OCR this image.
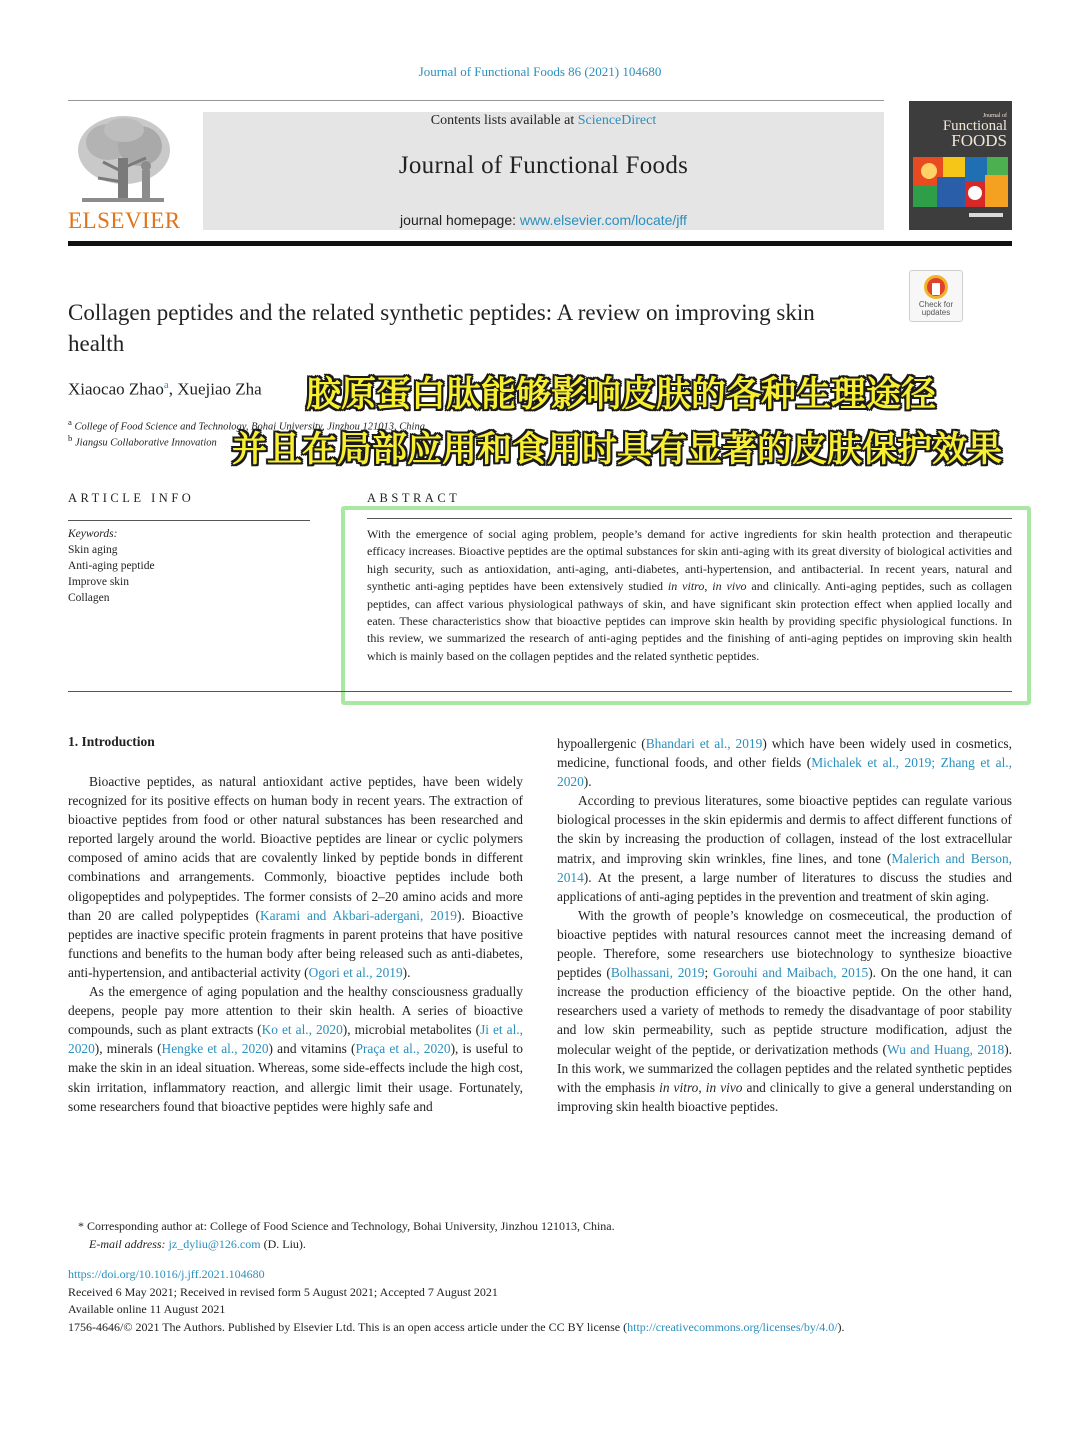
Journal of Functional Foods 86 (2021) 104680
ELSEVIER
Contents lists available at ScienceDirect
Journal of Functional Foods
journal homepage: www.elsevier.com/locate/jff
Journal of
Functional
FOODS
Check for
updates
Collagen peptides and the related synthetic peptides: A review on improving skin health
Xiaocao Zhao$^a$, Xuejiao Zha
$^a$ College of Food Science and Technology, Bohai University, Jinzhou 121013, China
$^b$ Jiangsu Collaborative Innovation
胶原蛋白肽能够影响皮肤的各种生理途径
并且在局部应用和食用时具有显著的皮肤保护效果
ARTICLE INFO
Keywords:
Skin aging
Anti-aging peptide
Improve skin
Collagen
ABSTRACT
With the emergence of social aging problem, people’s demand for active ingredients for skin health protection and therapeutic efficacy increases. Bioactive peptides are the optimal substances for skin anti-aging with its great diversity of biological activities and high security, such as antioxidation, anti-aging, anti-diabetes, anti-hypertension, and antibacterial. In recent years, natural and synthetic anti-aging peptides have been extensively studied in vitro, in vivo and clinically. Anti-aging peptides, such as collagen peptides, can affect various physiological pathways of skin, and have significant skin protection effect when applied locally and eaten. These characteristics show that bioactive peptides can improve skin health by providing specific physiological functions. In this review, we summarized the research of anti-aging peptides and the finishing of anti-aging peptides on improving skin health which is mainly based on the collagen peptides and the related synthetic peptides.
1. Introduction

Bioactive peptides, as natural antioxidant active peptides, have been widely recognized for its positive effects on human body in recent years. The extraction of bioactive peptides from food or other natural substances has been researched and reported largely around the world. Bioactive peptides are linear or cyclic polymers composed of amino acids that are covalently linked by peptide bonds in different combinations and arrangements. Commonly, bioactive peptides include both oligopeptides and polypeptides. The former consists of 2–20 amino acids and more than 20 are called polypeptides (Karami and Akbari-adergani, 2019). Bioactive peptides are inactive specific protein fragments in parent proteins that have positive functions and benefits to the human body after being released such as anti-diabetes, anti-hypertension, and antibacterial activity (Ogori et al., 2019).

As the emergence of aging population and the healthy consciousness gradually deepens, people pay more attention to their skin health. A series of bioactive compounds, such as plant extracts (Ko et al., 2020), microbial metabolites (Ji et al., 2020), minerals (Hengke et al., 2020) and vitamins (Praça et al., 2020), is useful to make the skin in an ideal situation. Whereas, some side-effects include the high cost, skin irritation, inflammatory reaction, and allergic limit their usage. Fortunately, some researchers found that bioactive peptides were highly safe and

hypoallergenic (Bhandari et al., 2019) which have been widely used in cosmetics, medicine, functional foods, and other fields (Michalek et al., 2019; Zhang et al., 2020).

According to previous literatures, some bioactive peptides can regulate various biological processes in the skin epidermis and dermis to affect different functions of the skin by increasing the production of collagen, instead of the lost extracellular matrix, and improving skin wrinkles, fine lines, and tone (Malerich and Berson, 2014). At the present, a large number of literatures to discuss the studies and applications of anti-aging peptides in the prevention and treatment of skin aging.

With the growth of people’s knowledge on cosmeceutical, the production of bioactive peptides with natural resources cannot meet the increasing demand of people. Therefore, some researchers use biotechnology to synthesize bioactive peptides (Bolhassani, 2019; Gorouhi and Maibach, 2015). On the one hand, it can increase the production efficiency of the bioactive peptide. On the other hand, researchers used a variety of methods to remedy the disadvantage of poor stability and low skin permeability, such as peptide structure modification, adjust the molecular weight of the peptide, or derivatization methods (Wu and Huang, 2018). In this work, we summarized the collagen peptides and the related synthetic peptides with the emphasis in vitro, in vivo and clinically to give a general understanding on improving skin health bioactive peptides.

* Corresponding author at: College of Food Science and Technology, Bohai University, Jinzhou 121013, China.
E-mail address: jz_dyliu@126.com (D. Liu).
https://doi.org/10.1016/j.jff.2021.104680
Received 6 May 2021; Received in revised form 5 August 2021; Accepted 7 August 2021
Available online 11 August 2021
1756-4646/© 2021 The Authors. Published by Elsevier Ltd. This is an open access article under the CC BY license (http://creativecommons.org/licenses/by/4.0/).
